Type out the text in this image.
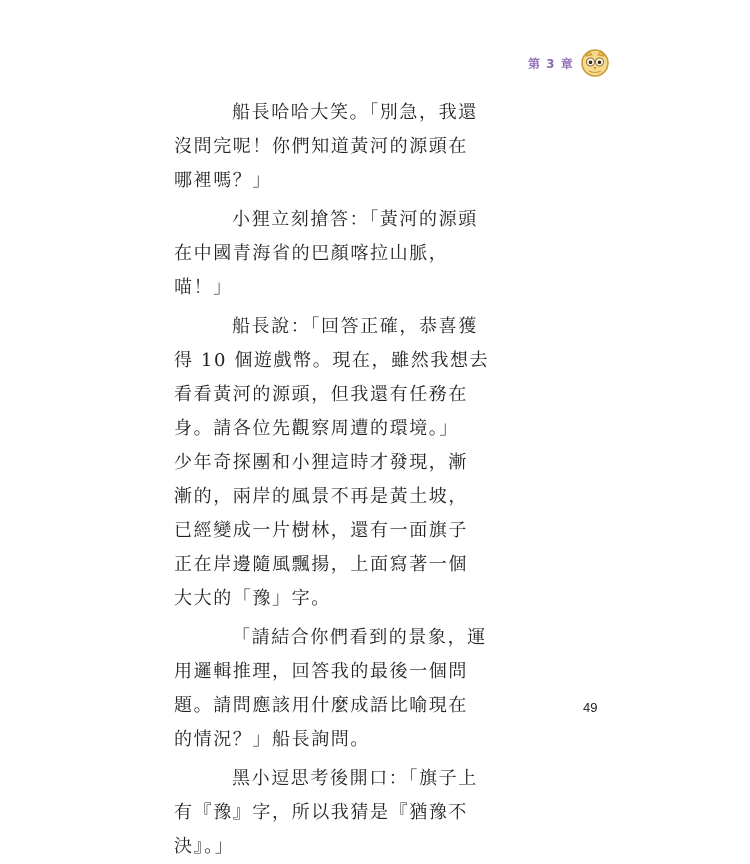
第 3 章
船長哈哈大笑。「別急，我還
沒問完呢！你們知道黃河的源頭在
哪裡嗎？」
小狸立刻搶答：「黃河的源頭
在中國青海省的巴顏喀拉山脈，
喵！」
船長說：「回答正確，恭喜獲
得 10 個遊戲幣。現在，雖然我想去
看看黃河的源頭，但我還有任務在
身。請各位先觀察周遭的環境。」
少年奇探團和小狸這時才發現，漸
漸的，兩岸的風景不再是黃土坡，
已經變成一片樹林，還有一面旗子
正在岸邊隨風飄揚，上面寫著一個
大大的「豫」字。
「請結合你們看到的景象，運
用邏輯推理，回答我的最後一個問
題。請問應該用什麼成語比喻現在
的情況？」船長詢問。
黑小逗思考後開口：「旗子上
有『豫』字，所以我猜是『猶豫不
決』。」
49
